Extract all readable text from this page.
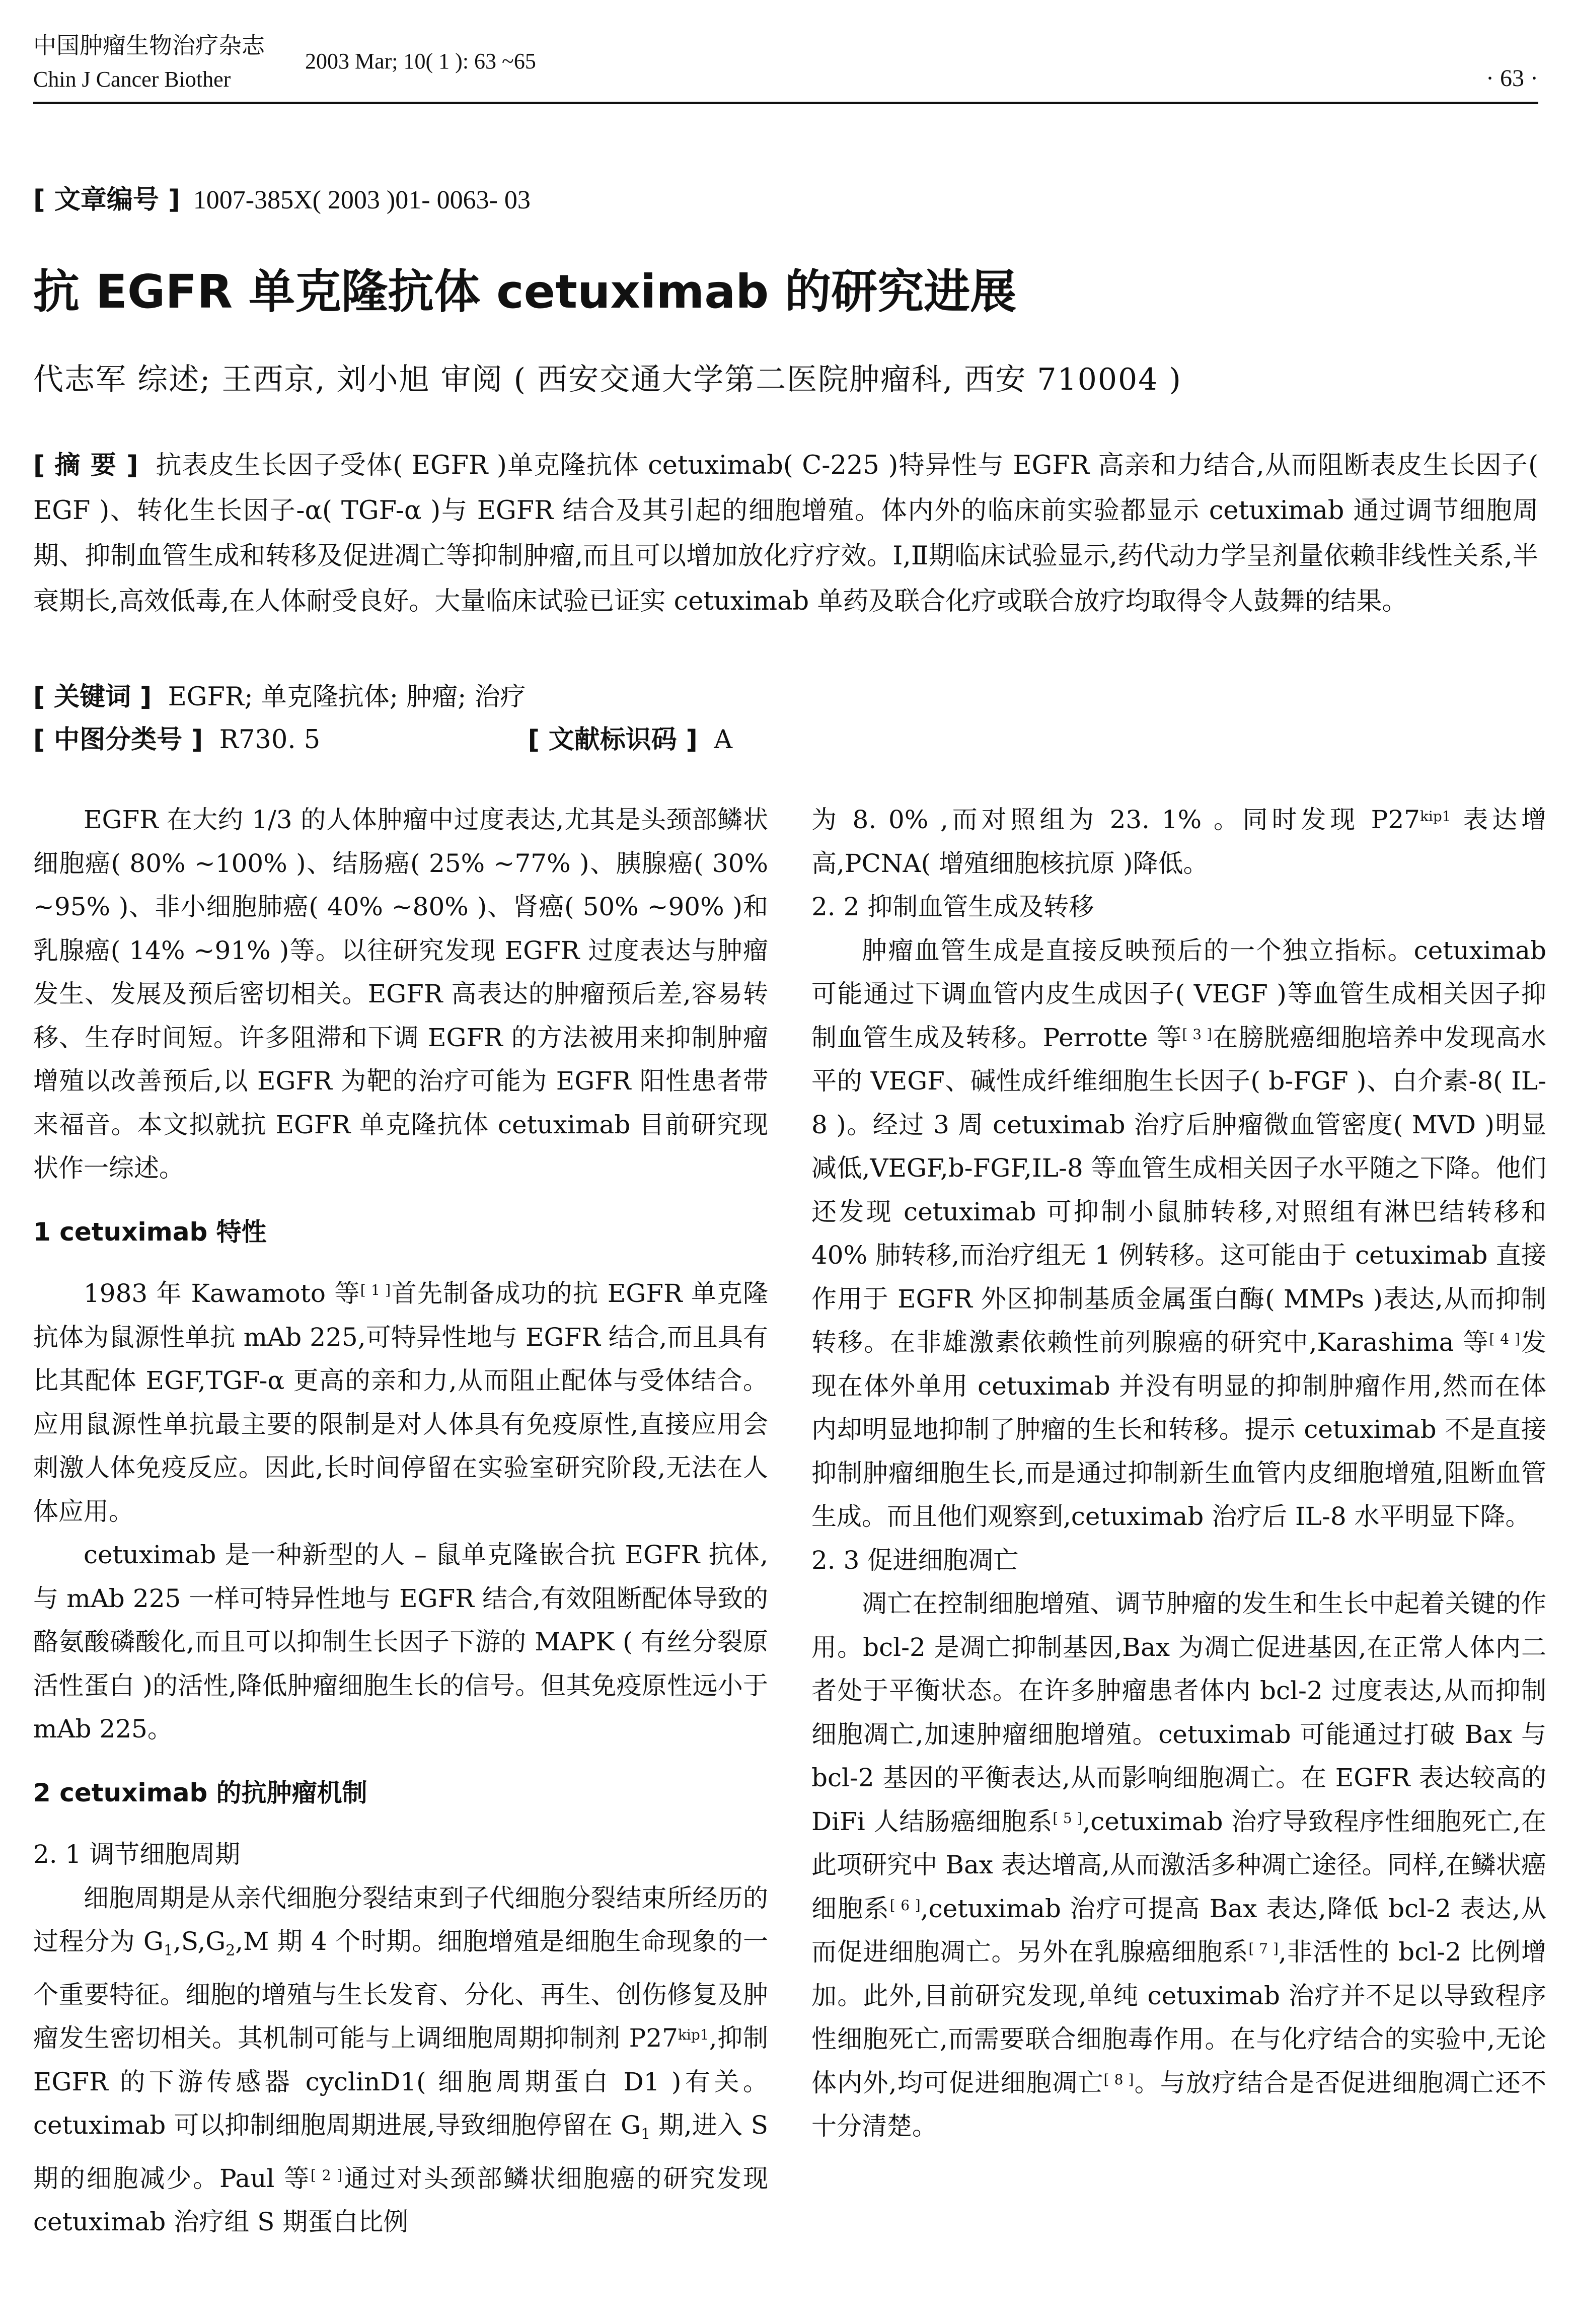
中国肿瘤生物治疗杂志
Chin J Cancer Biother
2003 Mar; 10( 1 ): 63 ~65
· 63 ·
[ 文章编号 ] 1007-385X( 2003 )01- 0063- 03
抗 EGFR 单克隆抗体 cetuximab 的研究进展
代志军 综述; 王西京, 刘小旭 审阅 ( 西安交通大学第二医院肿瘤科, 西安 710004 )
[ 摘 要 ] 抗表皮生长因子受体( EGFR )单克隆抗体 cetuximab( C-225 )特异性与 EGFR 高亲和力结合,从而阻断表皮生长因子( EGF )、转化生长因子-α( TGF-α )与 EGFR 结合及其引起的细胞增殖。体内外的临床前实验都显示 cetuximab 通过调节细胞周期、抑制血管生成和转移及促进凋亡等抑制肿瘤,而且可以增加放化疗疗效。Ⅰ,Ⅱ期临床试验显示,药代动力学呈剂量依赖非线性关系,半衰期长,高效低毒,在人体耐受良好。大量临床试验已证实 cetuximab 单药及联合化疗或联合放疗均取得令人鼓舞的结果。
[ 关键词 ] EGFR; 单克隆抗体; 肿瘤; 治疗
[ 中图分类号 ] R730. 5	[ 文献标识码 ] A

EGFR 在大约 1/3 的人体肿瘤中过度表达,尤其是头颈部鳞状细胞癌( 80% ~100% )、结肠癌( 25% ~77% )、胰腺癌( 30% ~95% )、非小细胞肺癌( 40% ~80% )、肾癌( 50% ~90% )和乳腺癌( 14% ~91% )等。以往研究发现 EGFR 过度表达与肿瘤发生、发展及预后密切相关。EGFR 高表达的肿瘤预后差,容易转移、生存时间短。许多阻滞和下调 EGFR 的方法被用来抑制肿瘤增殖以改善预后,以 EGFR 为靶的治疗可能为 EGFR 阳性患者带来福音。本文拟就抗 EGFR 单克隆抗体 cetuximab 目前研究现状作一综述。

1 cetuximab 特性

1983 年 Kawamoto 等[ 1 ]首先制备成功的抗 EGFR 单克隆抗体为鼠源性单抗 mAb 225,可特异性地与 EGFR 结合,而且具有比其配体 EGF,TGF-α 更高的亲和力,从而阻止配体与受体结合。应用鼠源性单抗最主要的限制是对人体具有免疫原性,直接应用会刺激人体免疫反应。因此,长时间停留在实验室研究阶段,无法在人体应用。

cetuximab 是一种新型的人 – 鼠单克隆嵌合抗 EGFR 抗体,与 mAb 225 一样可特异性地与 EGFR 结合,有效阻断配体导致的酪氨酸磷酸化,而且可以抑制生长因子下游的 MAPK ( 有丝分裂原活性蛋白 )的活性,降低肿瘤细胞生长的信号。但其免疫原性远小于 mAb 225。

2 cetuximab 的抗肿瘤机制

2. 1 调节细胞周期

细胞周期是从亲代细胞分裂结束到子代细胞分裂结束所经历的过程分为 $G_1,S,G_2,M$ 期 4 个时期。细胞增殖是细胞生命现象的一个重要特征。细胞的增殖与生长发育、分化、再生、创伤修复及肿瘤发生密切相关。其机制可能与上调细胞周期抑制剂 $P27^{kip1}$,抑制 EGFR 的下游传感器 cyclinD1( 细胞周期蛋白 D1 )有关。cetuximab 可以抑制细胞周期进展,导致细胞停留在 $G_1$ 期,进入 S 期的细胞减少。Paul 等[ 2 ]通过对头颈部鳞状细胞癌的研究发现 cetuximab 治疗组 S 期蛋白比例

为 8. 0% ,而对照组为 23. 1% 。同时发现 $P27^{kip1}$ 表达增高,PCNA( 增殖细胞核抗原 )降低。

2. 2 抑制血管生成及转移

肿瘤血管生成是直接反映预后的一个独立指标。cetuximab 可能通过下调血管内皮生成因子( VEGF )等血管生成相关因子抑制血管生成及转移。Perrotte 等[ 3 ]在膀胱癌细胞培养中发现高水平的 VEGF、碱性成纤维细胞生长因子( b-FGF )、白介素-8( IL-8 )。经过 3 周 cetuximab 治疗后肿瘤微血管密度( MVD )明显减低,VEGF,b-FGF,IL-8 等血管生成相关因子水平随之下降。他们还发现 cetuximab 可抑制小鼠肺转移,对照组有淋巴结转移和 40% 肺转移,而治疗组无 1 例转移。这可能由于 cetuximab 直接作用于 EGFR 外区抑制基质金属蛋白酶( MMPs )表达,从而抑制转移。在非雄激素依赖性前列腺癌的研究中,Karashima 等[ 4 ]发现在体外单用 cetuximab 并没有明显的抑制肿瘤作用,然而在体内却明显地抑制了肿瘤的生长和转移。提示 cetuximab 不是直接抑制肿瘤细胞生长,而是通过抑制新生血管内皮细胞增殖,阻断血管生成。而且他们观察到,cetuximab 治疗后 IL-8 水平明显下降。

2. 3 促进细胞凋亡

凋亡在控制细胞增殖、调节肿瘤的发生和生长中起着关键的作用。bcl-2 是凋亡抑制基因,Bax 为凋亡促进基因,在正常人体内二者处于平衡状态。在许多肿瘤患者体内 bcl-2 过度表达,从而抑制细胞凋亡,加速肿瘤细胞增殖。cetuximab 可能通过打破 Bax 与 bcl-2 基因的平衡表达,从而影响细胞凋亡。在 EGFR 表达较高的 DiFi 人结肠癌细胞系[ 5 ],cetuximab 治疗导致程序性细胞死亡,在此项研究中 Bax 表达增高,从而激活多种凋亡途径。同样,在鳞状癌细胞系[ 6 ],cetuximab 治疗可提高 Bax 表达,降低 bcl-2 表达,从而促进细胞凋亡。另外在乳腺癌细胞系[ 7 ],非活性的 bcl-2 比例增加。此外,目前研究发现,单纯 cetuximab 治疗并不足以导致程序性细胞死亡,而需要联合细胞毒作用。在与化疗结合的实验中,无论体内外,均可促进细胞凋亡[ 8 ]。与放疗结合是否促进细胞凋亡还不十分清楚。
